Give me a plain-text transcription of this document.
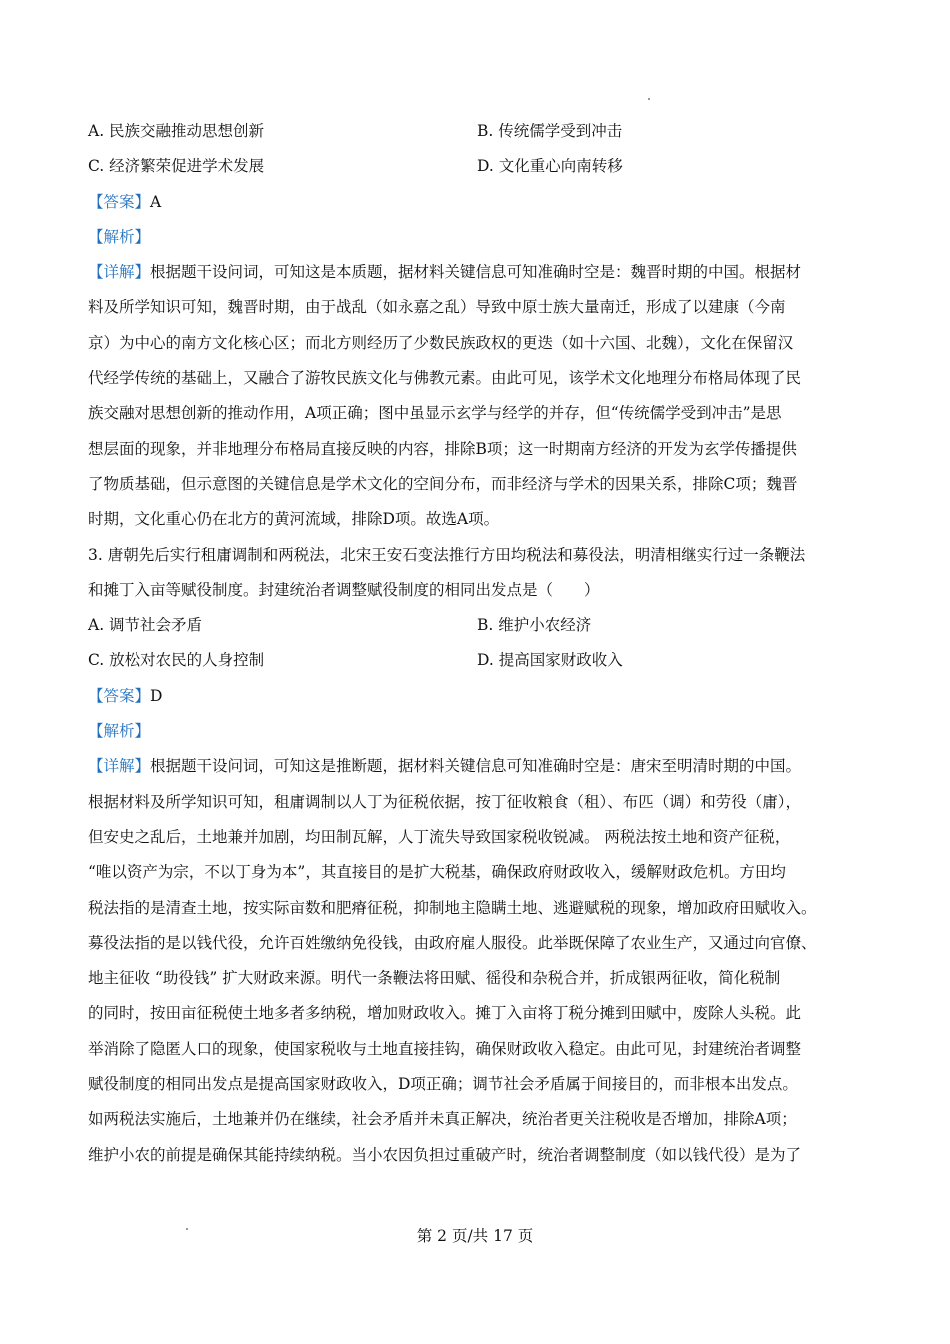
A. 民族交融推动思想创新	B. 传统儒学受到冲击
C. 经济繁荣促进学术发展	D. 文化重心向南转移
【答案】A
【解析】
【详解】根据题干设问词，可知这是本质题，据材料关键信息可知准确时空是：魏晋时期的中国。根据材
料及所学知识可知，魏晋时期，由于战乱（如永嘉之乱）导致中原士族大量南迁，形成了以建康（今南
京）为中心的南方文化核心区；而北方则经历了少数民族政权的更迭（如十六国、北魏），文化在保留汉
代经学传统的基础上，又融合了游牧民族文化与佛教元素。由此可见，该学术文化地理分布格局体现了民
族交融对思想创新的推动作用，A项正确；图中虽显示玄学与经学的并存，但“传统儒学受到冲击”是思
想层面的现象，并非地理分布格局直接反映的内容，排除B项；这一时期南方经济的开发为玄学传播提供
了物质基础，但示意图的关键信息是学术文化的空间分布，而非经济与学术的因果关系，排除C项；魏晋
时期，文化重心仍在北方的黄河流域，排除D项。故选A项。
3. 唐朝先后实行租庸调制和两税法，北宋王安石变法推行方田均税法和募役法，明清相继实行过一条鞭法
和摊丁入亩等赋役制度。封建统治者调整赋役制度的相同出发点是（　　）
A. 调节社会矛盾	B. 维护小农经济
C. 放松对农民的人身控制	D. 提高国家财政收入
【答案】D
【解析】
【详解】根据题干设问词，可知这是推断题，据材料关键信息可知准确时空是：唐宋至明清时期的中国。
根据材料及所学知识可知，租庸调制以人丁为征税依据，按丁征收粮食（租）、布匹（调）和劳役（庸），
但安史之乱后，土地兼并加剧，均田制瓦解，人丁流失导致国家税收锐减。 两税法按土地和资产征税，
“唯以资产为宗，不以丁身为本”，其直接目的是扩大税基，确保政府财政收入，缓解财政危机。方田均
税法指的是清查土地，按实际亩数和肥瘠征税，抑制地主隐瞒土地、逃避赋税的现象，增加政府田赋收入。
募役法指的是以钱代役，允许百姓缴纳免役钱，由政府雇人服役。此举既保障了农业生产，又通过向官僚、
地主征收 “助役钱” 扩大财政来源。明代一条鞭法将田赋、徭役和杂税合并，折成银两征收，简化税制
的同时，按田亩征税使土地多者多纳税，增加财政收入。摊丁入亩将丁税分摊到田赋中，废除人头税。此
举消除了隐匿人口的现象，使国家税收与土地直接挂钩，确保财政收入稳定。由此可见，封建统治者调整
赋役制度的相同出发点是提高国家财政收入，D项正确；调节社会矛盾属于间接目的，而非根本出发点。
如两税法实施后，土地兼并仍在继续，社会矛盾并未真正解决，统治者更关注税收是否增加，排除A项；
维护小农的前提是确保其能持续纳税。当小农因负担过重破产时，统治者调整制度（如以钱代役）是为了
第 2 页/共 17 页
